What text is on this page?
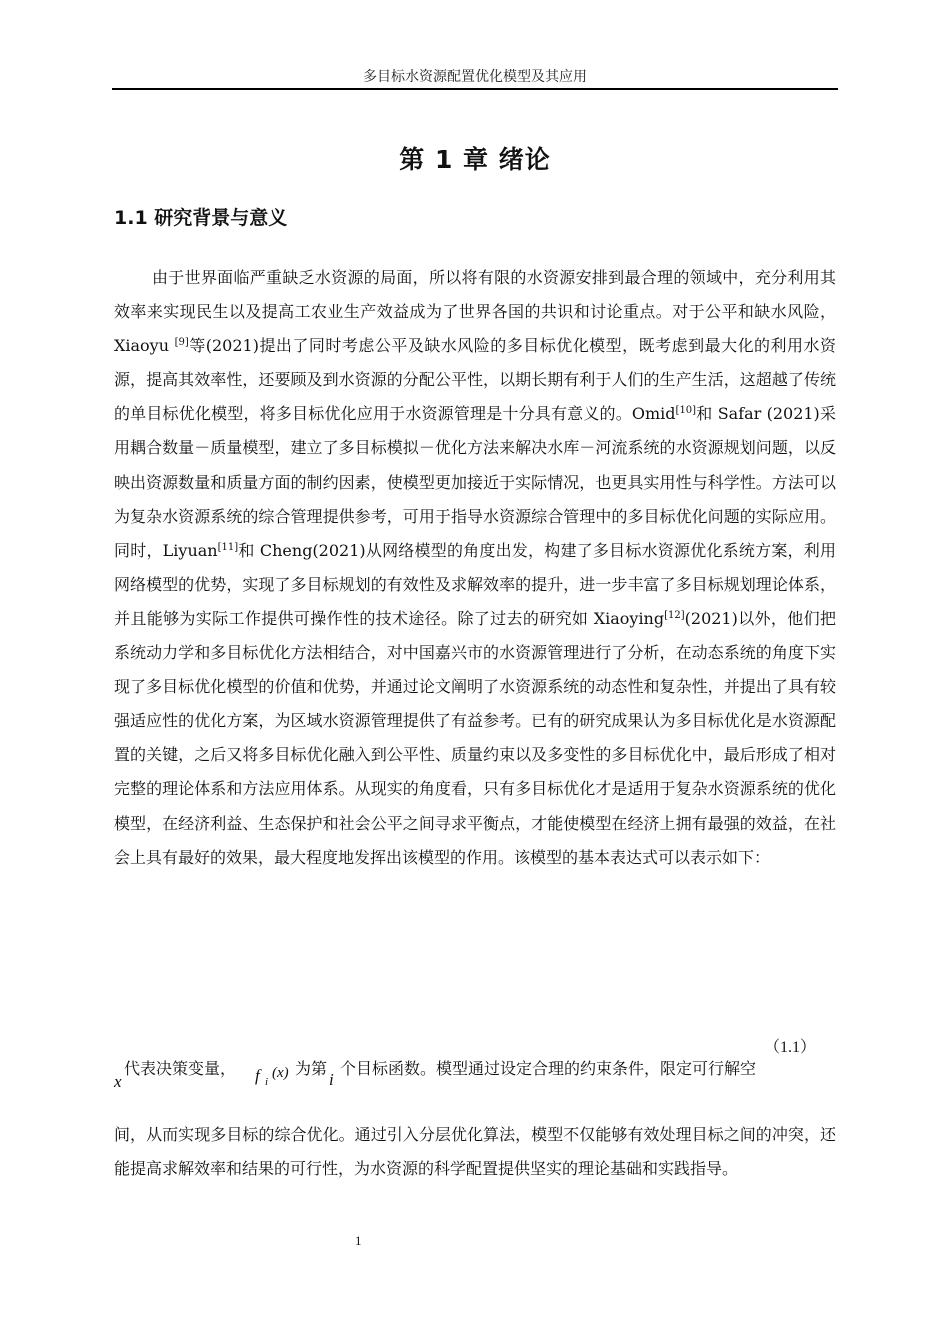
多目标水资源配置优化模型及其应用
第 1 章 绪论
1.1 研究背景与意义

由于世界面临严重缺乏水资源的局面，所以将有限的水资源安排到最合理的领域中，充分利用其效率来实现民生以及提高工农业生产效益成为了世界各国的共识和讨论重点。对于公平和缺水风险，Xiaoyu [9]等(2021)提出了同时考虑公平及缺水风险的多目标优化模型，既考虑到最大化的利用水资源，提高其效率性，还要顾及到水资源的分配公平性，以期长期有利于人们的生产生活，这超越了传统的单目标优化模型，将多目标优化应用于水资源管理是十分具有意义的。Omid[10]和 Safar (2021)采用耦合数量－质量模型，建立了多目标模拟－优化方法来解决水库－河流系统的水资源规划问题，以反映出资源数量和质量方面的制约因素，使模型更加接近于实际情况，也更具实用性与科学性。方法可以为复杂水资源系统的综合管理提供参考，可用于指导水资源综合管理中的多目标优化问题的实际应用。同时，Liyuan[11]和 Cheng(2021)从网络模型的角度出发，构建了多目标水资源优化系统方案，利用网络模型的优势，实现了多目标规划的有效性及求解效率的提升，进一步丰富了多目标规划理论体系，并且能够为实际工作提供可操作性的技术途径。除了过去的研究如 Xiaoying[12](2021)以外，他们把系统动力学和多目标优化方法相结合，对中国嘉兴市的水资源管理进行了分析，在动态系统的角度下实现了多目标优化模型的价值和优势，并通过论文阐明了水资源系统的动态性和复杂性，并提出了具有较强适应性的优化方案，为区域水资源管理提供了有益参考。已有的研究成果认为多目标优化是水资源配置的关键，之后又将多目标优化融入到公平性、质量约束以及多变性的多目标优化中，最后形成了相对完整的理论体系和方法应用体系。从现实的角度看，只有多目标优化才是适用于复杂水资源系统的优化模型，在经济利益、生态保护和社会公平之间寻求平衡点，才能使模型在经济上拥有最强的效益，在社会上具有最好的效果，最大程度地发挥出该模型的作用。该模型的基本表达式可以表示如下：

（1.1）
x
代表决策变量， f i
(x) 为第
i
个目标函数。模型通过设定合理的约束条件，限定可行解空

间，从而实现多目标的综合优化。通过引入分层优化算法，模型不仅能够有效处理目标之间的冲突，还能提高求解效率和结果的可行性，为水资源的科学配置提供坚实的理论基础和实践指导。

1
